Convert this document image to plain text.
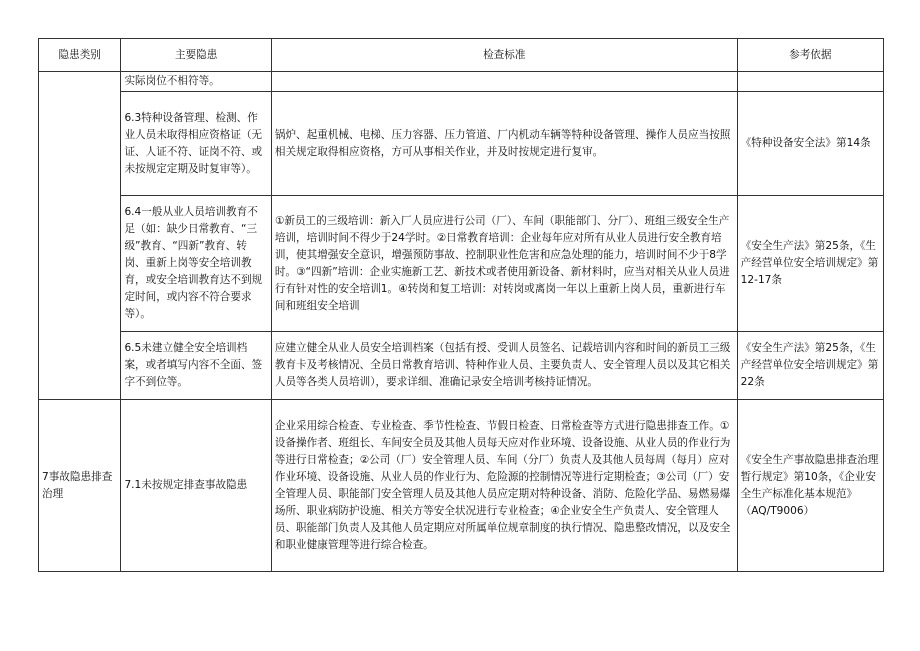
隐患类别	主要隐患	检查标准	参考依据
	实际岗位不相符等。		
	6.3特种设备管理、检测、作业人员未取得相应资格证（无证、人证不符、证岗不符、或未按规定定期及时复审等）。	锅炉、起重机械、电梯、压力容器、压力管道、厂内机动车辆等特种设备管理、操作人员应当按照相关规定取得相应资格，方可从事相关作业，并及时按规定进行复审。	《特种设备安全法》第14条
	6.4一般从业人员培训教育不足（如：缺少日常教育、“三级”教育、“四新”教育、转岗、重新上岗等安全培训教育，或安全培训教育达不到规定时间，或内容不符合要求等）。	①新员工的三级培训：新入厂人员应进行公司（厂）、车间（职能部门、分厂）、班组三级安全生产培训，培训时间不得少于24学时。②日常教育培训：企业每年应对所有从业人员进行安全教育培训，使其增强安全意识，增强预防事故、控制职业性危害和应急处理的能力，培训时间不少于8学时。③“四新”培训：企业实施新工艺、新技术或者使用新设备、新材料时，应当对相关从业人员进行有针对性的安全培训1。④转岗和复工培训：对转岗或离岗一年以上重新上岗人员，重新进行车间和班组安全培训	《安全生产法》第25条，《生产经营单位安全培训规定》第12-17条
	6.5未建立健全安全培训档案，或者填写内容不全面、签字不到位等。	应建立健全从业人员安全培训档案（包括有授、受训人员签名、记载培训内容和时间的新员工三级教育卡及考核情况、全员日常教育培训、特种作业人员、主要负责人、安全管理人员以及其它相关人员等各类人员培训），要求详细、准确记录安全培训考核持证情况。	《安全生产法》第25条，《生产经营单位安全培训规定》第22条
7事故隐患排查治理	7.1未按规定排查事故隐患	企业采用综合检查、专业检查、季节性检查、节假日检查、日常检查等方式进行隐患排查工作。①设备操作者、班组长、车间安全员及其他人员每天应对作业环境、设备设施、从业人员的作业行为等进行日常检查；②公司（厂）安全管理人员、车间（分厂）负责人及其他人员每周（每月）应对作业环境、设备设施、从业人员的作业行为、危险源的控制情况等进行定期检查；③公司（厂）安全管理人员、职能部门安全管理人员及其他人员应定期对特种设备、消防、危险化学品、易燃易爆场所、职业病防护设施、相关方等安全状况进行专业检查；④企业安全生产负责人、安全管理人员、职能部门负责人及其他人员定期应对所属单位规章制度的执行情况、隐患整改情况，以及安全和职业健康管理等进行综合检查。	《安全生产事故隐患排查治理暂行规定》第10条，《企业安全生产标准化基本规范》（AQ/T9006）
